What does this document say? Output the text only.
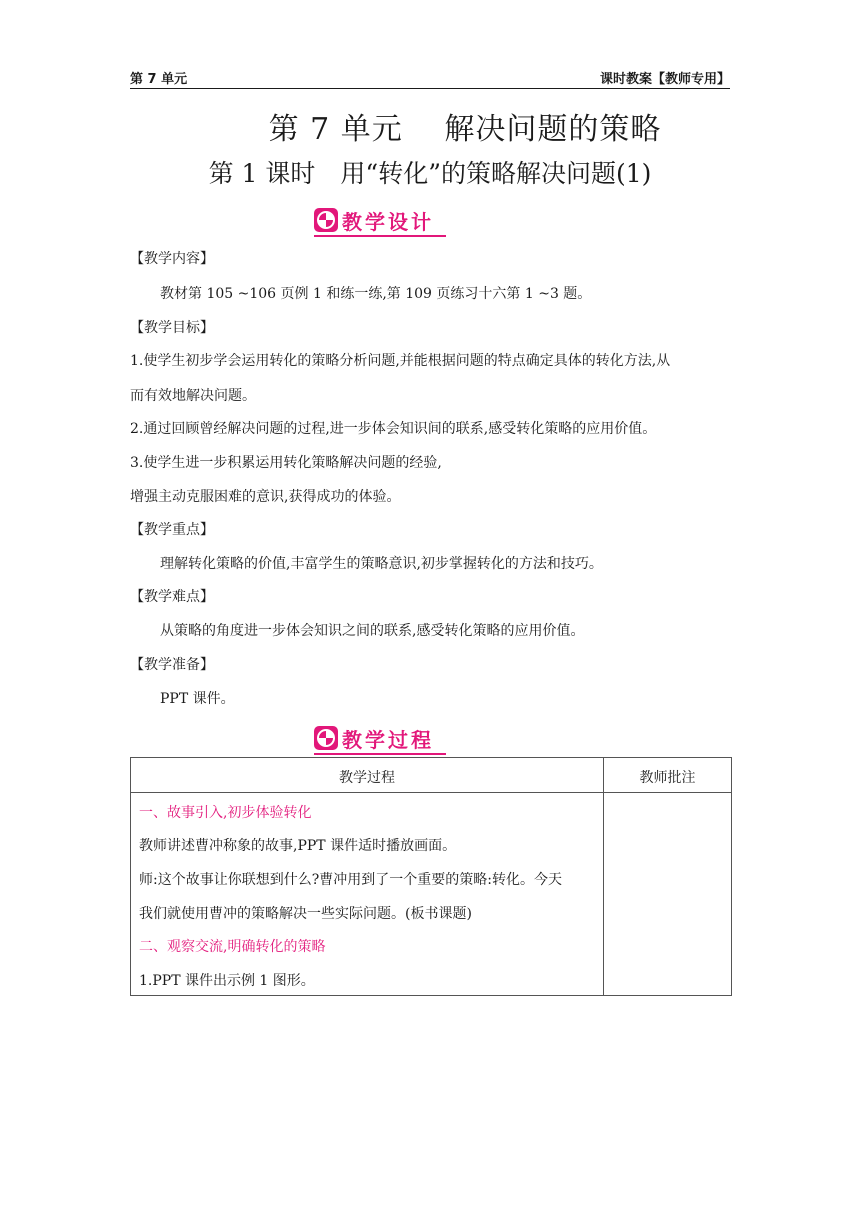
第 7 单元	课时教案【教师专用】
第 7 单元　 解决问题的策略
第 1 课时　用“转化”的策略解决问题(1)
教学设计
【教学内容】
教材第 105 ~106 页例 1 和练一练,第 109 页练习十六第 1 ~3 题。
【教学目标】
1.使学生初步学会运用转化的策略分析问题,并能根据问题的特点确定具体的转化方法,从
而有效地解决问题。
2.通过回顾曾经解决问题的过程,进一步体会知识间的联系,感受转化策略的应用价值。
3.使学生进一步积累运用转化策略解决问题的经验,
增强主动克服困难的意识,获得成功的体验。
【教学重点】
理解转化策略的价值,丰富学生的策略意识,初步掌握转化的方法和技巧。
【教学难点】
从策略的角度进一步体会知识之间的联系,感受转化策略的应用价值。
【教学准备】
PPT 课件。
教学过程
教学过程	教师批注
一、故事引入,初步体验转化
教师讲述曹冲称象的故事,PPT 课件适时播放画面。
师:这个故事让你联想到什么?曹冲用到了一个重要的策略:转化。今天
我们就使用曹冲的策略解决一些实际问题。(板书课题)
二、观察交流,明确转化的策略
1.PPT 课件出示例 1 图形。
